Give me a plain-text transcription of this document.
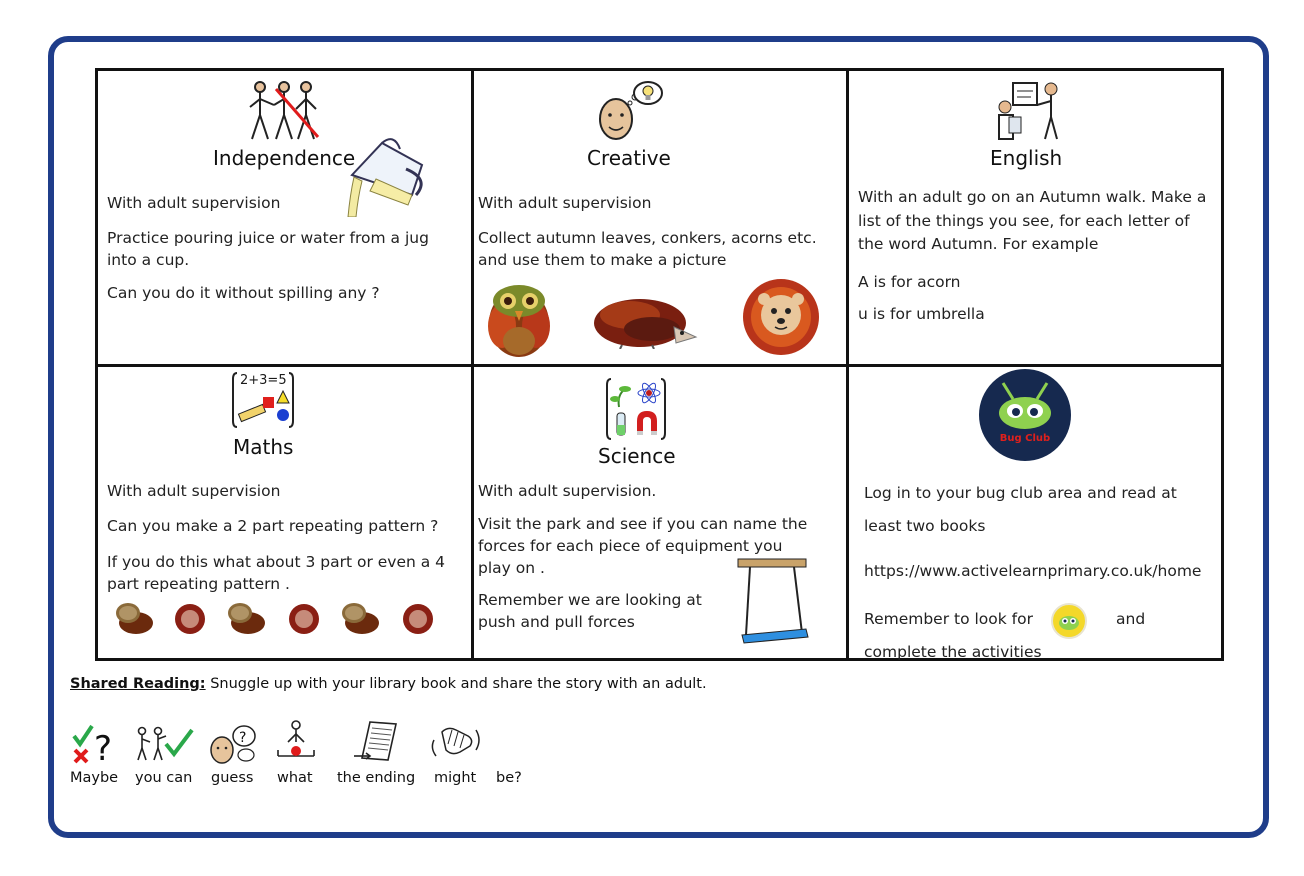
Independence
With adult supervision
Practice pouring juice or water from a jug into a cup.
Can you do it without spilling any ?
Creative
With adult supervision
Collect autumn leaves, conkers, acorns etc. and use them to make a picture
English
With an adult go on an Autumn walk. Make a list of the things you see, for each letter of the word Autumn. For example
A is for acorn
u is for umbrella
2+3=5
Maths
With adult supervision
Can you make a 2 part repeating pattern ?
If you do this what about 3 part or even a 4 part repeating pattern .
Science
With adult supervision.
Visit the park and see if you can name the forces for each piece of equipment you play on .
Remember we are looking at push and pull forces
Bug Club
Log in to your bug club area and read at least two books
https://www.activelearnprimary.co.uk/home
Remember to look for	and
complete the activities
Shared Reading: Snuggle up with your library book and share the story with an adult.
?	?
Maybe you can guess what the ending might be?
